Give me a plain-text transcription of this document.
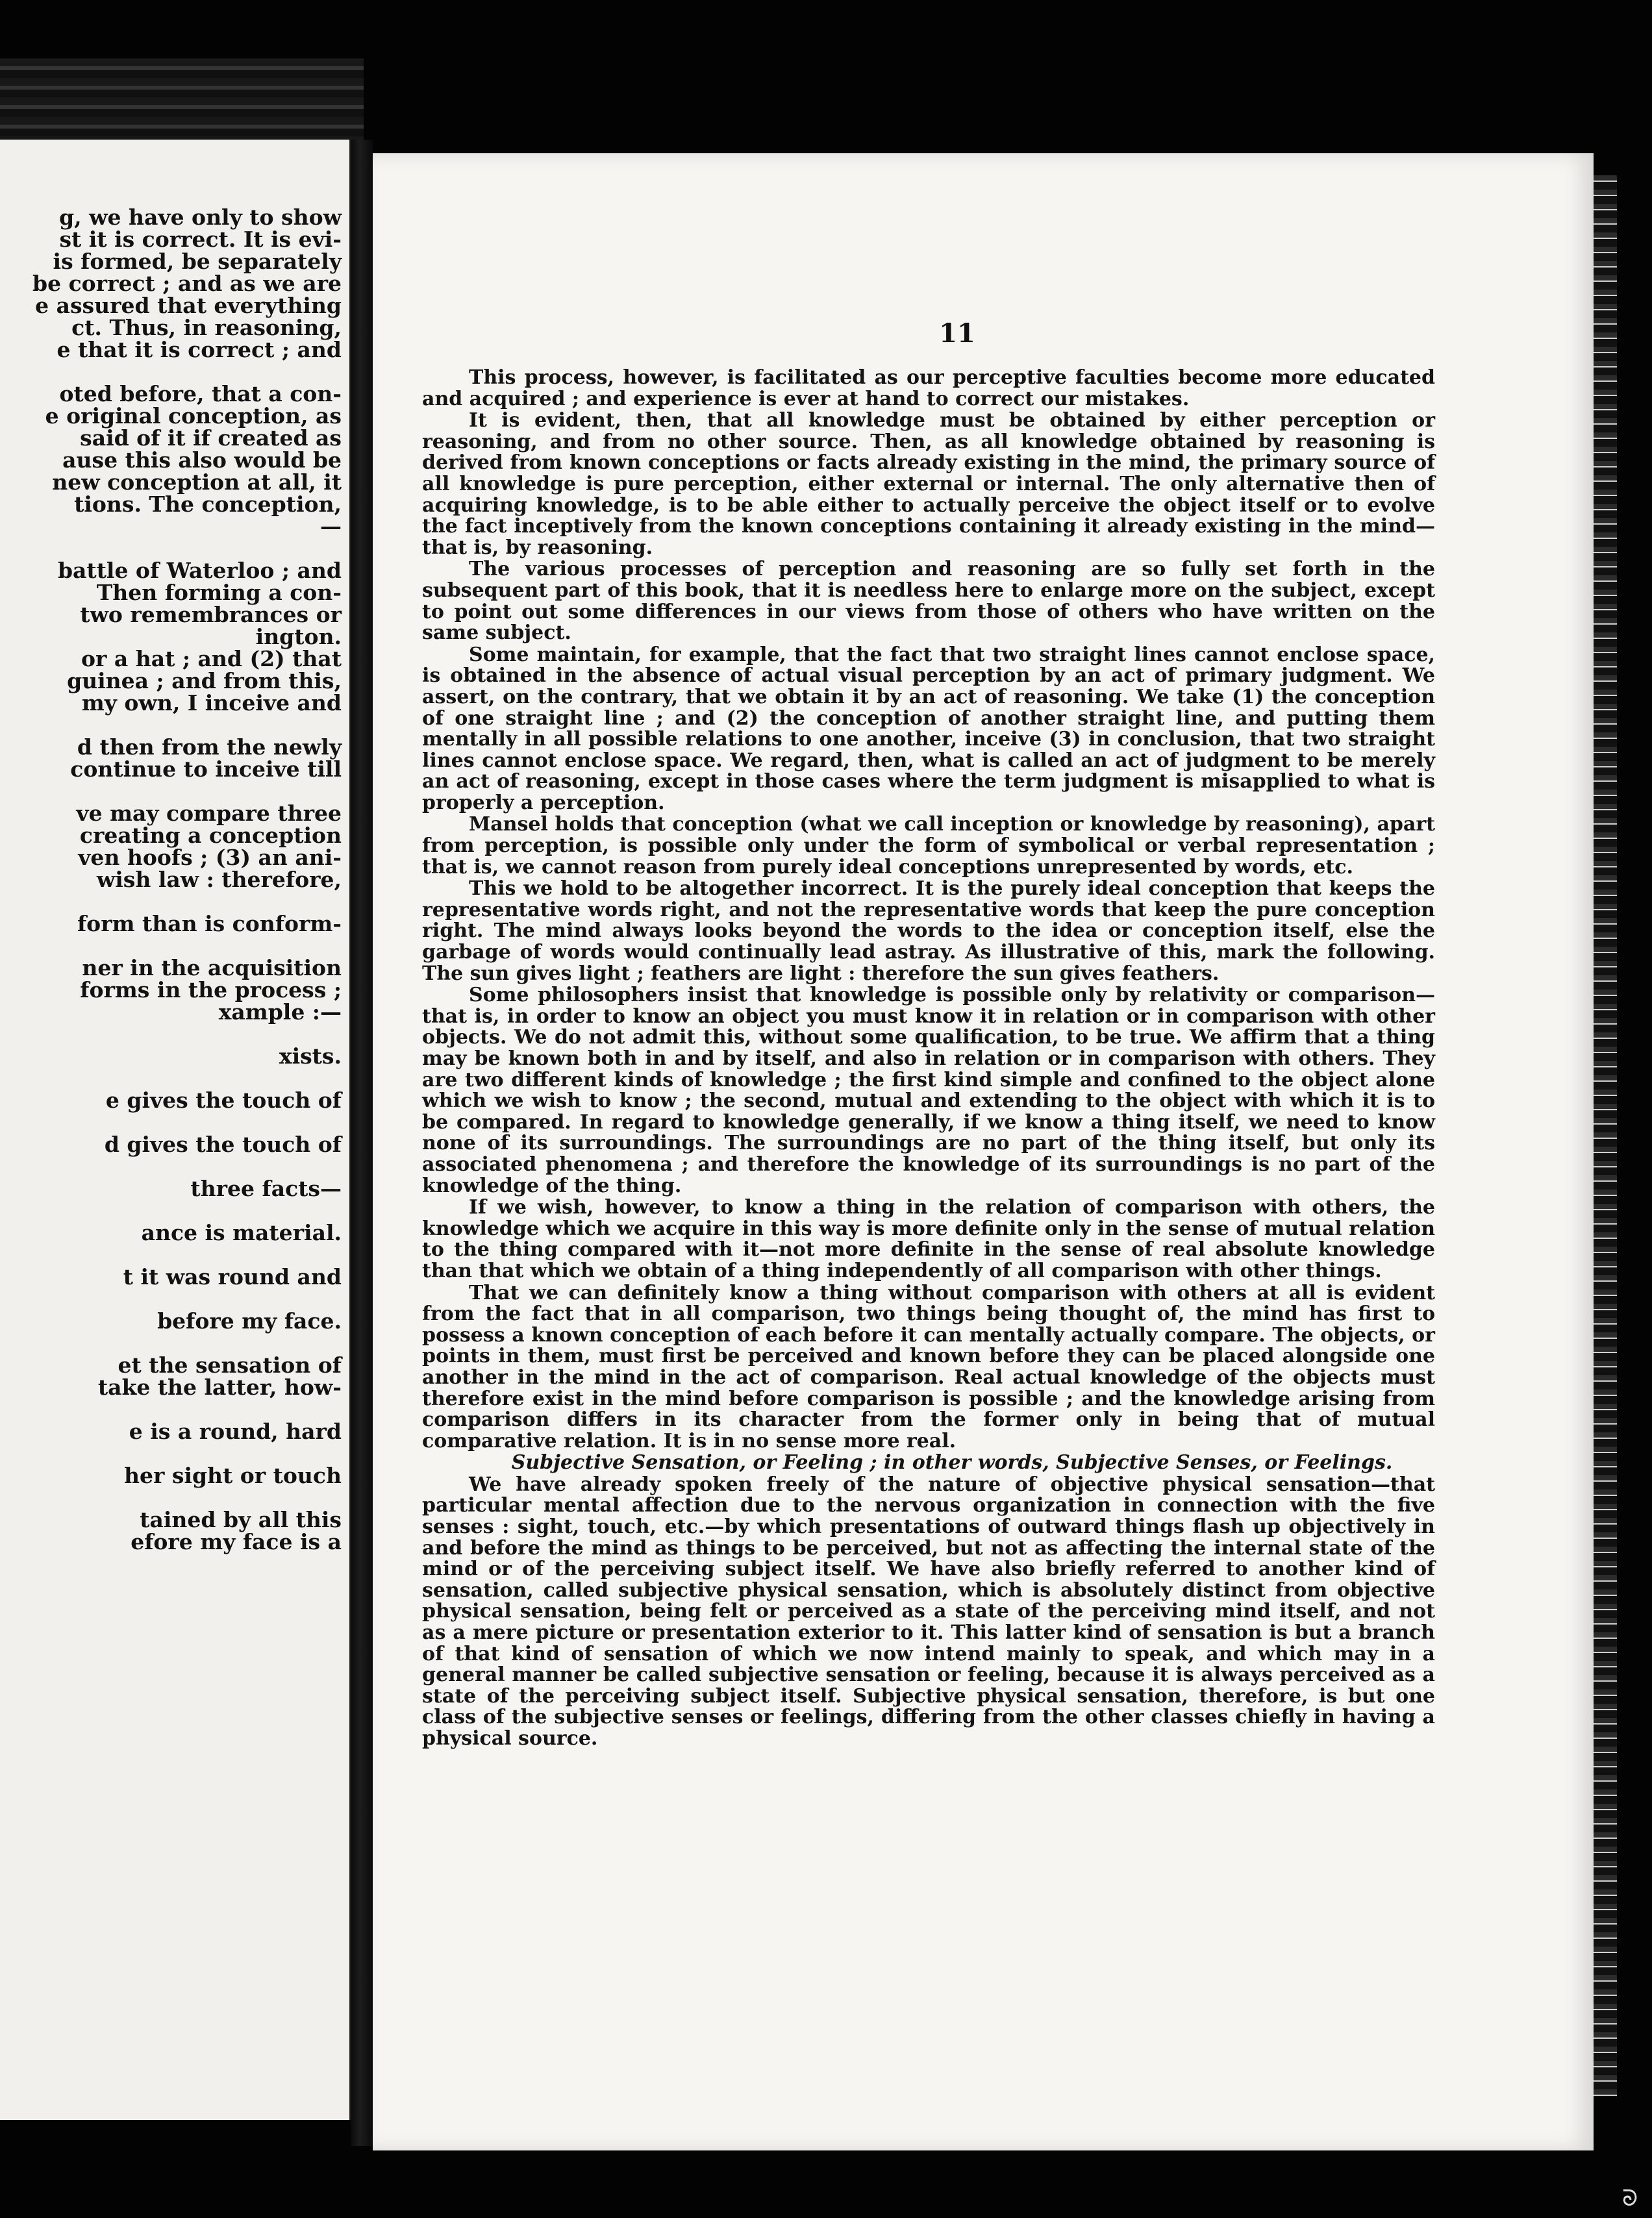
g, we have only to show
st it is correct. It is evi-
is formed, be separately
be correct ; and as we are
e assured that everything
ct. Thus, in reasoning,
e that it is correct ; and
oted before, that a con-
e original conception, as
said of it if created as
ause this also would be
new conception at all, it
tions. The conception,
—
battle of Waterloo ; and
Then forming a con-
two remembrances or
ington.
or a hat ; and (2) that
guinea ; and from this,
my own, I inceive and
d then from the newly
continue to inceive till
ve may compare three
creating a conception
ven hoofs ; (3) an ani-
wish law : therefore,
form than is conform-
ner in the acquisition
forms in the process ;
xample :—
xists.
e gives the touch of
d gives the touch of
three facts—
ance is material.
t it was round and
before my face.
et the sensation of
take the latter, how-
e is a round, hard
her sight or touch
tained by all this
efore my face is a
11

This process, however, is facilitated as our perceptive faculties become more educated and acquired ; and experience is ever at hand to correct our mistakes.

It is evident, then, that all knowledge must be obtained by either perception or reasoning, and from no other source. Then, as all knowledge obtained by reasoning is derived from known conceptions or facts already existing in the mind, the primary source of all knowledge is pure perception, either external or internal. The only alternative then of acquiring knowledge, is to be able either to actually perceive the object itself or to evolve the fact inceptively from the known conceptions containing it already existing in the mind—that is, by reasoning.

The various processes of perception and reasoning are so fully set forth in the subsequent part of this book, that it is needless here to enlarge more on the subject, except to point out some differences in our views from those of others who have written on the same subject.

Some maintain, for example, that the fact that two straight lines cannot enclose space, is obtained in the absence of actual visual perception by an act of primary judgment. We assert, on the contrary, that we obtain it by an act of reasoning. We take (1) the conception of one straight line ; and (2) the conception of another straight line, and putting them mentally in all possible relations to one another, inceive (3) in conclusion, that two straight lines cannot enclose space. We regard, then, what is called an act of judgment to be merely an act of reasoning, except in those cases where the term judgment is misapplied to what is properly a perception.

Mansel holds that conception (what we call inception or knowledge by reasoning), apart from perception, is possible only under the form of symbolical or verbal representation ; that is, we cannot reason from purely ideal conceptions unrepresented by words, etc.

This we hold to be altogether incorrect. It is the purely ideal conception that keeps the representative words right, and not the representative words that keep the pure conception right. The mind always looks beyond the words to the idea or conception itself, else the garbage of words would continually lead astray. As illustrative of this, mark the following. The sun gives light ; feathers are light : therefore the sun gives feathers.

Some philosophers insist that knowledge is possible only by relativity or comparison—that is, in order to know an object you must know it in relation or in comparison with other objects. We do not admit this, without some qualification, to be true. We affirm that a thing may be known both in and by itself, and also in relation or in comparison with others. They are two different kinds of knowledge ; the first kind simple and confined to the object alone which we wish to know ; the second, mutual and extending to the object with which it is to be compared. In regard to knowledge generally, if we know a thing itself, we need to know none of its surroundings. The surroundings are no part of the thing itself, but only its associated phenomena ; and therefore the knowledge of its surroundings is no part of the knowledge of the thing.

If we wish, however, to know a thing in the relation of comparison with others, the knowledge which we acquire in this way is more definite only in the sense of mutual relation to the thing compared with it—not more definite in the sense of real absolute knowledge than that which we obtain of a thing independently of all comparison with other things.

That we can definitely know a thing without comparison with others at all is evident from the fact that in all comparison, two things being thought of, the mind has first to possess a known conception of each before it can mentally actually compare. The objects, or points in them, must first be perceived and known before they can be placed alongside one another in the mind in the act of comparison. Real actual knowledge of the objects must therefore exist in the mind before comparison is possible ; and the knowledge arising from comparison differs in its character from the former only in being that of mutual comparative relation. It is in no sense more real.

Subjective Sensation, or Feeling ; in other words, Subjective Senses, or Feelings.

We have already spoken freely of the nature of objective physical sensation—that particular mental affection due to the nervous organization in connection with the five senses : sight, touch, etc.—by which presentations of outward things flash up objectively in and before the mind as things to be perceived, but not as affecting the internal state of the mind or of the perceiving subject itself. We have also briefly referred to another kind of sensation, called subjective physical sensation, which is absolutely distinct from objective physical sensation, being felt or perceived as a state of the perceiving mind itself, and not as a mere picture or presentation exterior to it. This latter kind of sensation is but a branch of that kind of sensation of which we now intend mainly to speak, and which may in a general manner be called subjective sensation or feeling, because it is always perceived as a state of the perceiving subject itself. Subjective physical sensation, therefore, is but one class of the subjective senses or feelings, differing from the other classes chiefly in having a physical source.

ᘐ
